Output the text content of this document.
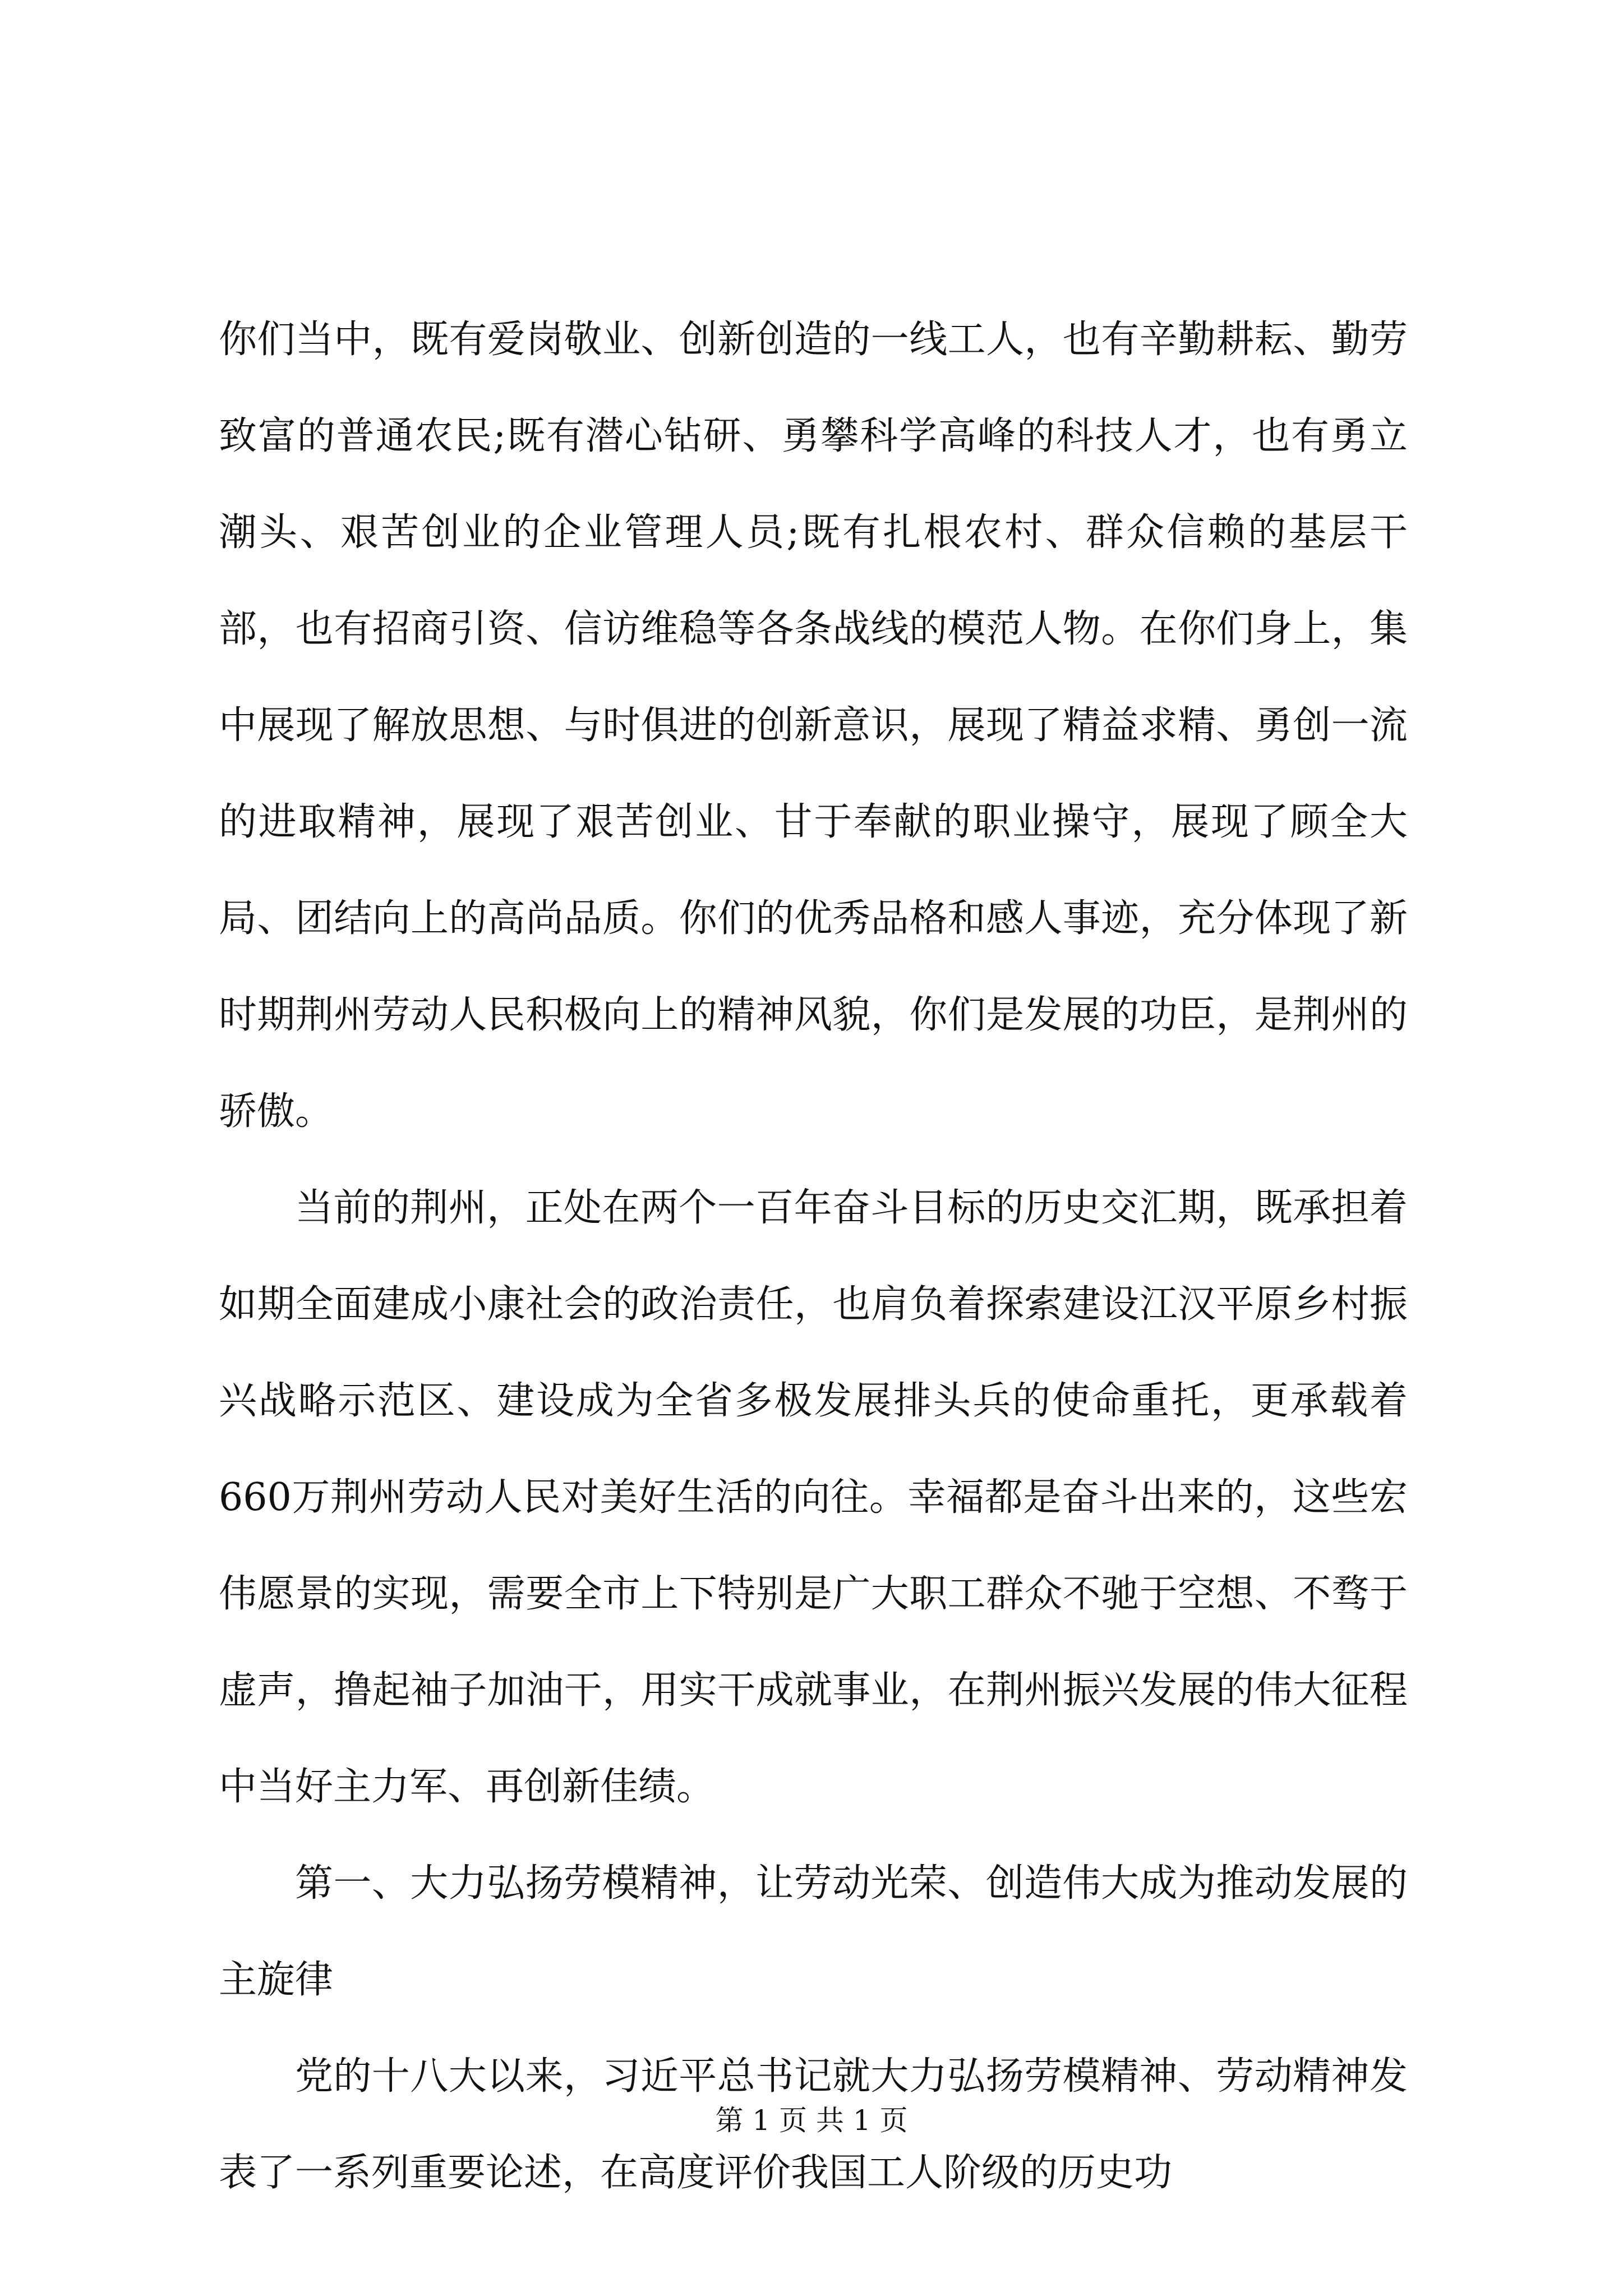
你们当中，既有爱岗敬业、创新创造的一线工人，也有辛勤耕耘、勤劳致富的普通农民;既有潜心钻研、勇攀科学高峰的科技人才，也有勇立潮头、艰苦创业的企业管理人员;既有扎根农村、群众信赖的基层干部，也有招商引资、信访维稳等各条战线的模范人物。在你们身上，集中展现了解放思想、与时俱进的创新意识，展现了精益求精、勇创一流的进取精神，展现了艰苦创业、甘于奉献的职业操守，展现了顾全大局、团结向上的高尚品质。你们的优秀品格和感人事迹，充分体现了新时期荆州劳动人民积极向上的精神风貌，你们是发展的功臣，是荆州的骄傲。

当前的荆州，正处在两个一百年奋斗目标的历史交汇期，既承担着如期全面建成小康社会的政治责任，也肩负着探索建设江汉平原乡村振兴战略示范区、建设成为全省多极发展排头兵的使命重托，更承载着660万荆州劳动人民对美好生活的向往。幸福都是奋斗出来的，这些宏伟愿景的实现，需要全市上下特别是广大职工群众不驰于空想、不骛于虚声，撸起袖子加油干，用实干成就事业，在荆州振兴发展的伟大征程中当好主力军、再创新佳绩。

第一、大力弘扬劳模精神，让劳动光荣、创造伟大成为推动发展的主旋律

党的十八大以来，习近平总书记就大力弘扬劳模精神、劳动精神发表了一系列重要论述，在高度评价我国工人阶级的历史功

第 1 页 共 1 页
